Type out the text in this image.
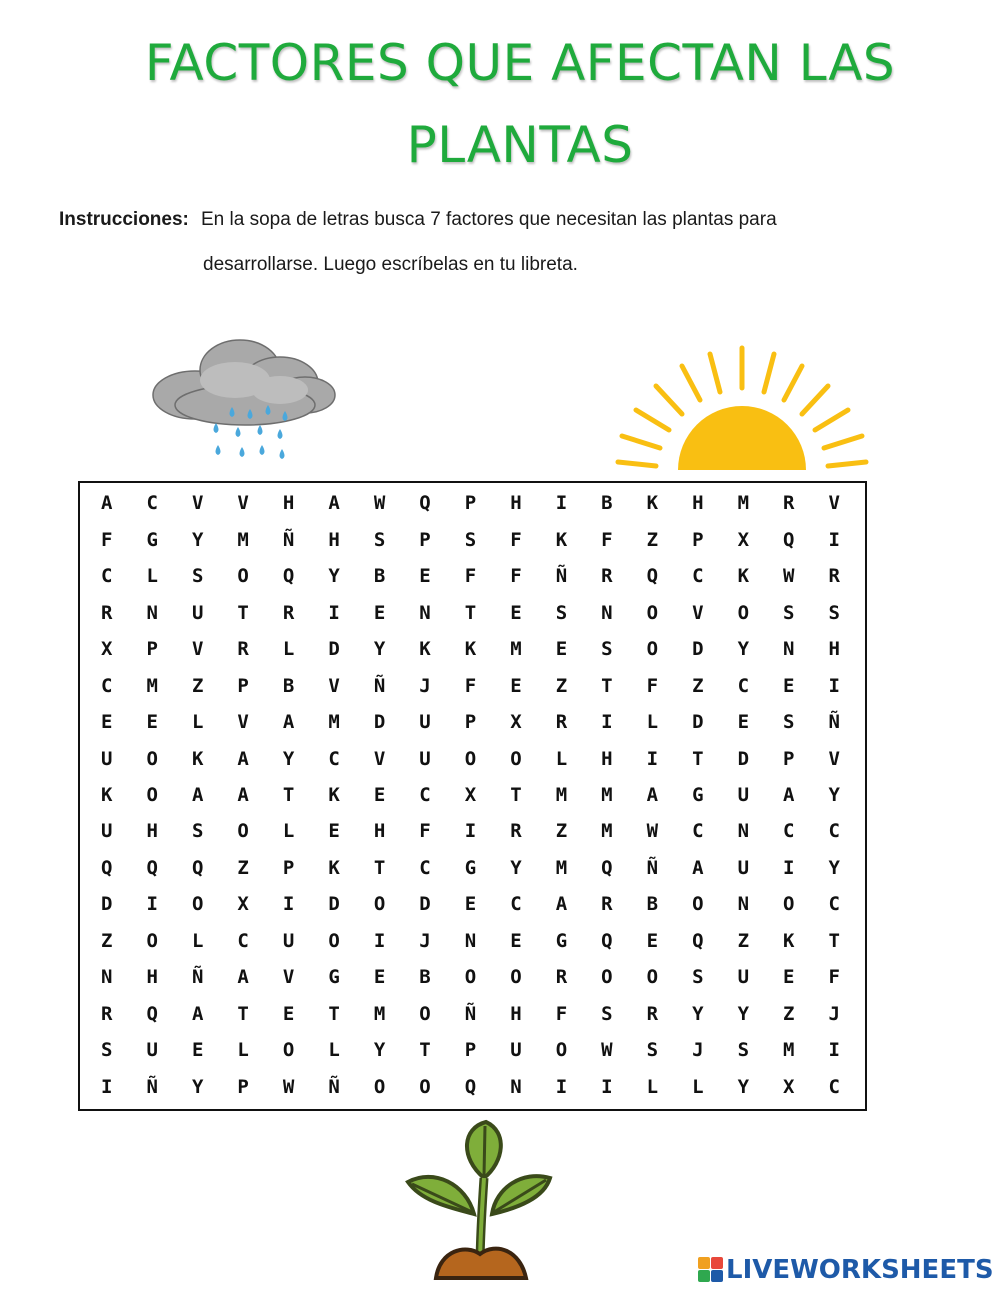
FACTORES QUE AFECTAN LAS
PLANTAS
Instrucciones: En la sopa de letras busca 7 factores que necesitan las plantas para
desarrollarse. Luego escríbelas en tu libreta.
A	C	V	V	H	A	W	Q	P	H	I	B	K	H	M	R	V
F	G	Y	M	Ñ	H	S	P	S	F	K	F	Z	P	X	Q	I
C	L	S	O	Q	Y	B	E	F	F	Ñ	R	Q	C	K	W	R
R	N	U	T	R	I	E	N	T	E	S	N	O	V	O	S	S
X	P	V	R	L	D	Y	K	K	M	E	S	O	D	Y	N	H
C	M	Z	P	B	V	Ñ	J	F	E	Z	T	F	Z	C	E	I
E	E	L	V	A	M	D	U	P	X	R	I	L	D	E	S	Ñ
U	O	K	A	Y	C	V	U	O	O	L	H	I	T	D	P	V
K	O	A	A	T	K	E	C	X	T	M	M	A	G	U	A	Y
U	H	S	O	L	E	H	F	I	R	Z	M	W	C	N	C	C
Q	Q	Q	Z	P	K	T	C	G	Y	M	Q	Ñ	A	U	I	Y
D	I	O	X	I	D	O	D	E	C	A	R	B	O	N	O	C
Z	O	L	C	U	O	I	J	N	E	G	Q	E	Q	Z	K	T
N	H	Ñ	A	V	G	E	B	O	O	R	O	O	S	U	E	F
R	Q	A	T	E	T	M	O	Ñ	H	F	S	R	Y	Y	Z	J
S	U	E	L	O	L	Y	T	P	U	O	W	S	J	S	M	I
I	Ñ	Y	P	W	Ñ	O	O	Q	N	I	I	L	L	Y	X	C
LIVEWORKSHEETS
